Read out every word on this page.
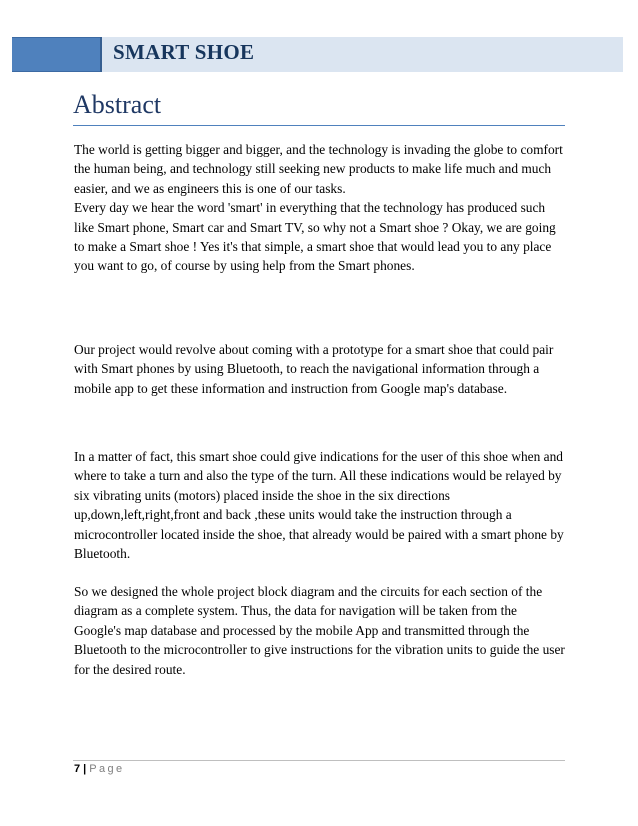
SMART SHOE
Abstract

The world is getting bigger and bigger, and the technology is invading the globe to comfort the human being, and technology still seeking new products to make life much and much easier, and we as engineers this is one of our tasks.
Every day we hear the word 'smart' in everything that the technology has produced such like Smart phone, Smart car and Smart TV, so why not a Smart shoe ? Okay, we are going to make a Smart shoe ! Yes it's that simple, a smart shoe that would lead you to any place you want to go, of course by using help from the Smart phones.

Our project would revolve about coming with a prototype for a smart shoe that could pair with Smart phones by using Bluetooth, to reach the navigational information through a mobile app to get these information and instruction from Google map's database.

In a matter of fact, this smart shoe could give indications for the user of this shoe when and where to take a turn and also the type of the turn. All these indications would be relayed by six vibrating units (motors) placed inside the shoe in the six directions up,down,left,right,front and back ,these units would take the instruction through a microcontroller located inside the shoe, that already would be paired with a smart phone by Bluetooth.

So we designed the whole project block diagram and the circuits for each section of the diagram as a complete system. Thus, the data for navigation will be taken from the Google's map database and processed by the mobile App and transmitted through the Bluetooth to the microcontroller to give instructions for the vibration units to guide the user for the desired route.

7 | Page
